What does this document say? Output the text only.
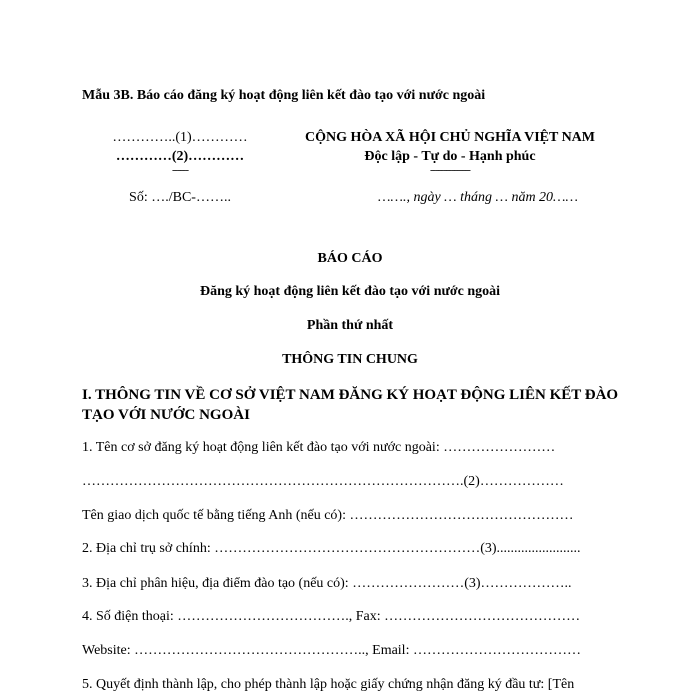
Mẫu 3B. Báo cáo đăng ký hoạt động liên kết đào tạo với nước ngoài
…………..(1)…………
…………(2)…………
------
Số: …./BC-……..
CỘNG HÒA XÃ HỘI CHỦ NGHĨA VIỆT NAM
Độc lập - Tự do - Hạnh phúc
---------------
……., ngày … tháng … năm 20……
BÁO CÁO
Đăng ký hoạt động liên kết đào tạo với nước ngoài
Phần thứ nhất
THÔNG TIN CHUNG
I. THÔNG TIN VỀ CƠ SỞ VIỆT NAM ĐĂNG KÝ HOẠT ĐỘNG LIÊN KẾT ĐÀO TẠO VỚI NƯỚC NGOÀI
1. Tên cơ sở đăng ký hoạt động liên kết đào tạo với nước ngoài: ……………………
……………………………………………………………………….(2)………………
Tên giao dịch quốc tế bằng tiếng Anh (nếu có): …………………………………………
2. Địa chỉ trụ sở chính: …………………………………………………(3)........................
3. Địa chỉ phân hiệu, địa điểm đào tạo (nếu có): ……………………(3)………………..
4. Số điện thoại: ………………………………., Fax: ……………………………………
Website: ………………………………………….., Email: ………………………………
5. Quyết định thành lập, cho phép thành lập hoặc giấy chứng nhận đăng ký đầu tư: [Tên
